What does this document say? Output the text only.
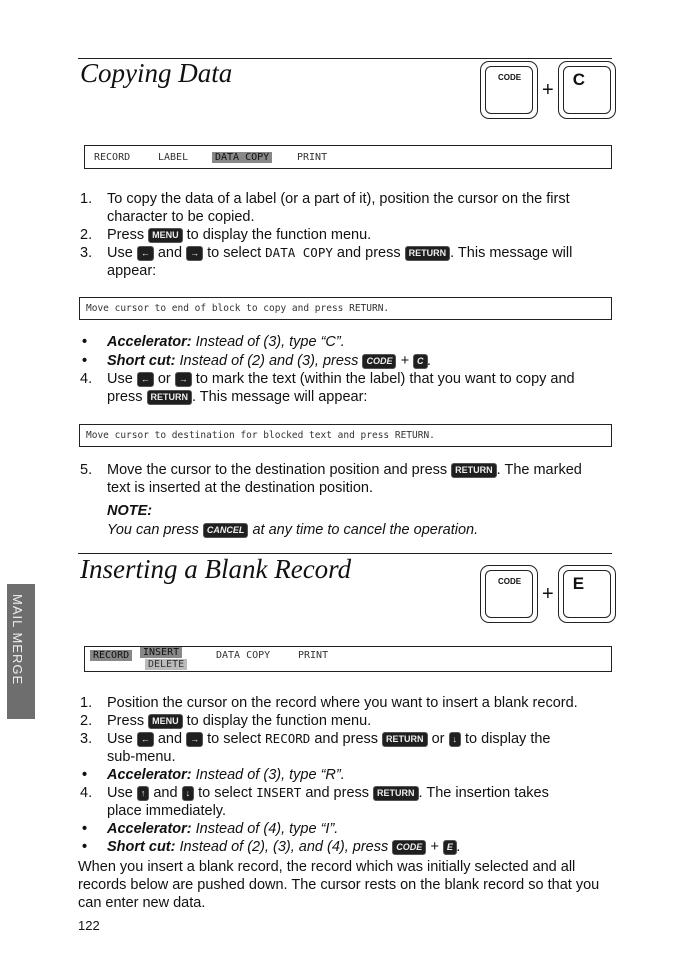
Copying Data	CODE
+ C
RECORD	LABEL	DATA COPY	PRINT
1. To copy the data of a label (or a part of it), position the cursor on the first
character to be copied.
2. Press MENU to display the function menu.
3. Use ← and → to select DATA COPY and press RETURN . This message will
appear:
Move cursor to end of block to copy and press RETURN.
• Accelerator: Instead of (3), type “C”.
• Short cut: Instead of (2) and (3), press CODE + C .
4. Use ← or → to mark the text (within the label) that you want to copy and
press RETURN . This message will appear:
Move cursor to destination for blocked text and press RETURN.
5. Move the cursor to the destination position and press RETURN . The marked
text is inserted at the destination position.
NOTE:
You can press CANCEL at any time to cancel the operation.
Inserting a Blank Record	CODE
+ E
RECORD	INSERT
DELETE
DATA COPY	PRINT
1. Position the cursor on the record where you want to insert a blank record.
2. Press MENU to display the function menu.
3. Use ← and → to select RECORD and press RETURN or ↓ to display the
sub-menu.
• Accelerator: Instead of (3), type “R”.
4. Use ↑ and ↓ to select INSERT and press RETURN . The insertion takes
place immediately.
• Accelerator: Instead of (4), type “I”.
• Short cut: Instead of (2), (3), and (4), press CODE + E .
When you insert a blank record, the record which was initially selected and all
records below are pushed down. The cursor rests on the blank record so that you
can enter new data.
MAIL MERGE
122
